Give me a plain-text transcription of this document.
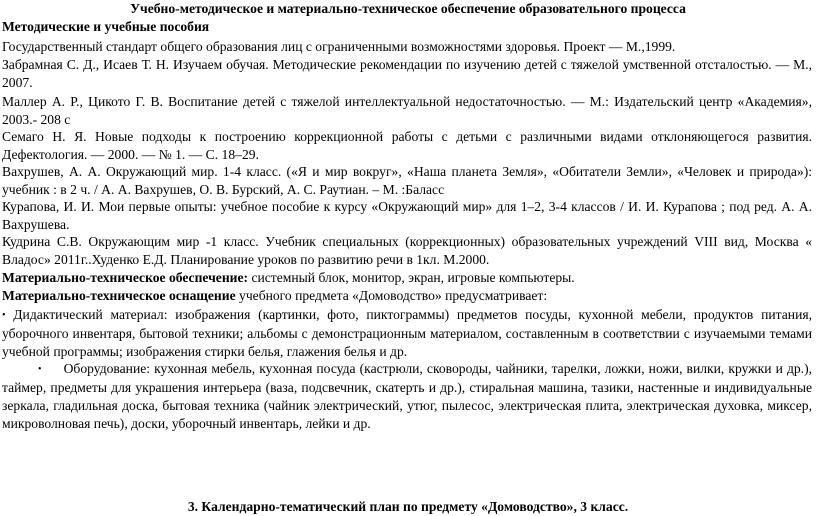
Учебно-методическое и материально-техническое обеспечение образовательного процесса
Методические и учебные пособия
Государственный стандарт общего образования лиц с ограниченными возможностями здоровья. Проект — М.,1999.
Забрамная С. Д., Исаев Т. Н. Изучаем обучая. Методические рекомендации по изучению детей с тяжелой умственной отсталостью. — М., 2007.
Маллер А. Р., Цикото Г. В. Воспитание детей с тяжелой интеллектуальной недостаточностью. — М.: Издательский центр «Академия», 2003.- 208 с
Семаго Н. Я. Новые подходы к построению коррекционной работы с детьми с различными видами отклоняющегося развития. Дефектология. — 2000. — № 1. — С. 18–29.
Вахрушев, А. А. Окружающий мир. 1-4 класс. («Я и мир вокруг», «Наша планета Земля», «Обитатели Земли», «Человек и природа»): учебник : в 2 ч. / А. А. Вахрушев, О. В. Бурский, А. С. Раутиан. – М. :Баласс
Курапова, И. И. Мои первые опыты: учебное пособие к курсу «Окружающий мир» для 1–2, 3-4 классов / И. И. Курапова ; под ред. А. А. Вахрушева.
Кудрина С.В. Окружающим мир -1 класс. Учебник специальных (коррекционных) образовательных учреждений VIII вид, Москва « Владос» 2011г..Худенко Е.Д. Планирование уроков по развитию речи в 1кл. М.2000.
Материально-техническое обеспечение: системный блок, монитор, экран, игровые компьютеры.
Материально-техническое оснащение учебного предмета «Домоводство» предусматривает:
• Дидактический материал: изображения (картинки, фото, пиктограммы) предметов посуды, кухонной мебели, продуктов питания, уборочного инвентаря, бытовой техники; альбомы с демонстрационным материалом, составленным в соответствии с изучаемыми темами учебной программы; изображения стирки белья, глажения белья и др.
• Оборудование: кухонная мебель, кухонная посуда (кастрюли, сковороды, чайники, тарелки, ложки, ножи, вилки, кружки и др.), таймер, предметы для украшения интерьера (ваза, подсвечник, скатерть и др.), стиральная машина, тазики, настенные и индивидуальные зеркала, гладильная доска, бытовая техника (чайник электрический, утюг, пылесос, электрическая плита, электрическая духовка, миксер, микроволновая печь), доски, уборочный инвентарь, лейки и др.
3. Календарно-тематический план по предмету «Домоводство», 3 класс.
